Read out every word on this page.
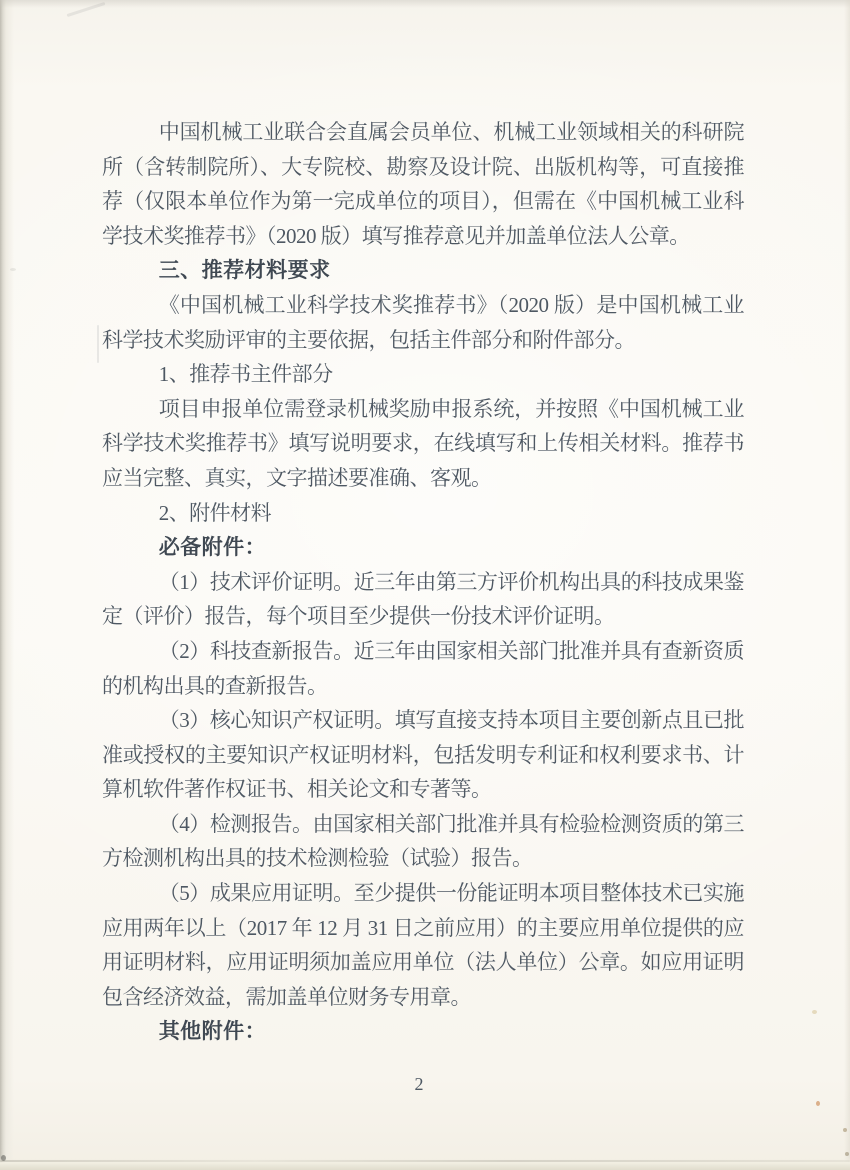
中国机械工业联合会直属会员单位、机械工业领域相关的科研院所（含转制院所）、大专院校、勘察及设计院、出版机构等，可直接推荐（仅限本单位作为第一完成单位的项目），但需在《中国机械工业科学技术奖推荐书》（2020 版）填写推荐意见并加盖单位法人公章。

三、推荐材料要求

《中国机械工业科学技术奖推荐书》（2020 版）是中国机械工业科学技术奖励评审的主要依据，包括主件部分和附件部分。

1、推荐书主件部分

项目申报单位需登录机械奖励申报系统，并按照《中国机械工业科学技术奖推荐书》填写说明要求，在线填写和上传相关材料。推荐书应当完整、真实，文字描述要准确、客观。

2、附件材料

必备附件：

（1）技术评价证明。近三年由第三方评价机构出具的科技成果鉴定（评价）报告，每个项目至少提供一份技术评价证明。

（2）科技查新报告。近三年由国家相关部门批准并具有查新资质的机构出具的查新报告。

（3）核心知识产权证明。填写直接支持本项目主要创新点且已批准或授权的主要知识产权证明材料，包括发明专利证和权利要求书、计算机软件著作权证书、相关论文和专著等。

（4）检测报告。由国家相关部门批准并具有检验检测资质的第三方检测机构出具的技术检测检验（试验）报告。

（5）成果应用证明。至少提供一份能证明本项目整体技术已实施应用两年以上（2017 年 12 月 31 日之前应用）的主要应用单位提供的应用证明材料，应用证明须加盖应用单位（法人单位）公章。如应用证明包含经济效益，需加盖单位财务专用章。

其他附件：

2
